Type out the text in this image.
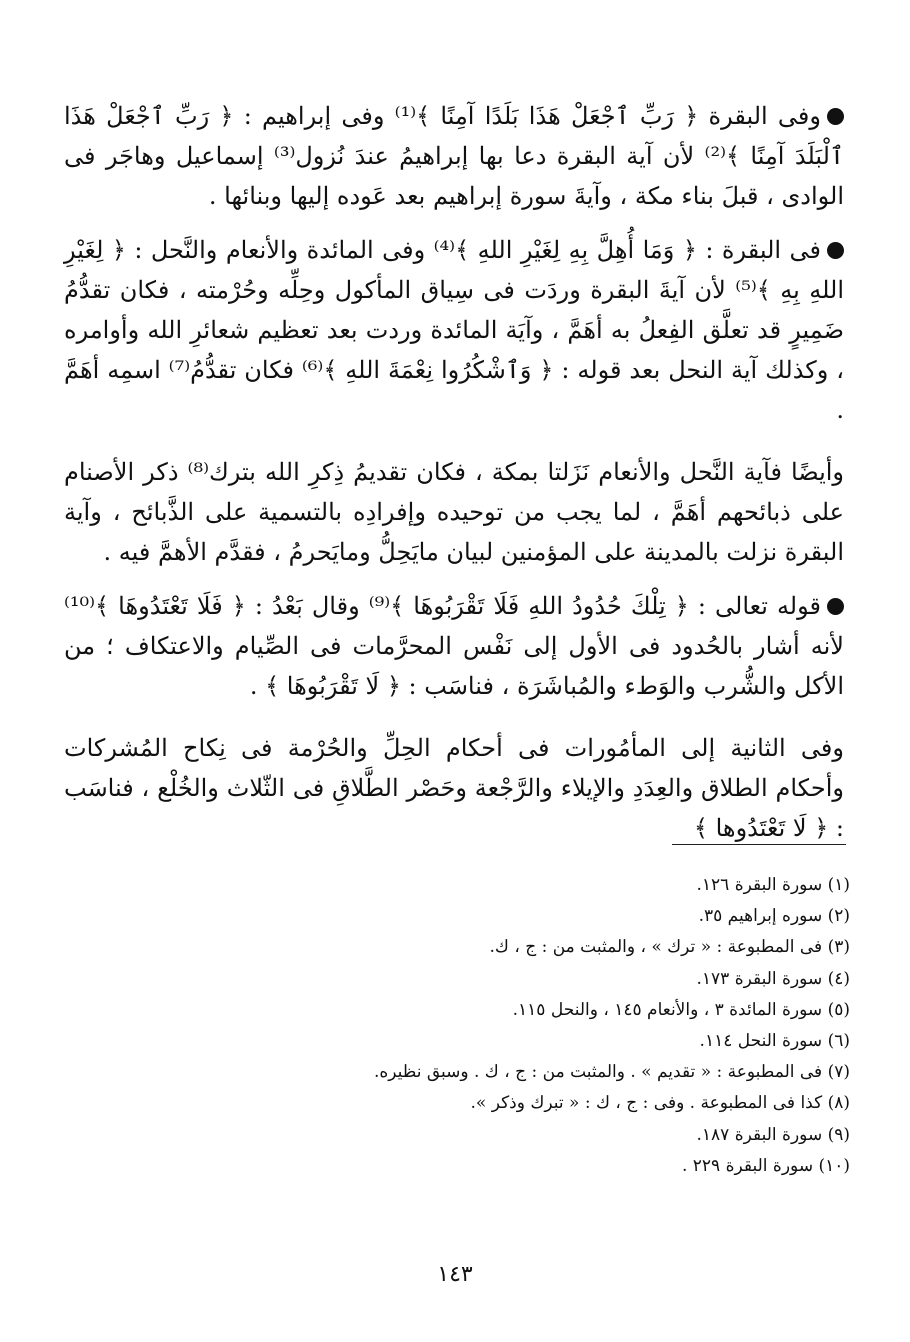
وفى البقرة ﴿ رَبِّ ٱجْعَلْ هَذَا بَلَدًا آمِنًا ﴾⁽¹⁾ وفى إبراهيم : ﴿ رَبِّ ٱجْعَلْ هَذَا ٱلْبَلَدَ آمِنًا ﴾⁽²⁾ لأن آية البقرة دعا بها إبراهيمُ عندَ نُزول⁽³⁾ إسماعيل وهاجَر فى الوادى ، قبلَ بناء مكة ، وآيةَ سورة إبراهيم بعد عَوده إليها وبنائها .

فى البقرة : ﴿ وَمَا أُهِلَّ بِهِ لِغَيْرِ اللهِ ﴾⁽⁴⁾ وفى المائدة والأنعام والنَّحل : ﴿ لِغَيْرِ اللهِ بِهِ ﴾⁽⁵⁾ لأن آيةَ البقرة وردَت فى سِياق المأكول وحِلِّه وحُرْمته ، فكان تقدُّمُ ضَمِيرٍ قد تعلَّق الفِعلُ به أهَمَّ ، وآيَة المائدة وردت بعد تعظيم شعائرِ الله وأوامره ، وكذلك آية النحل بعد قوله : ﴿ وَٱشْكُرُوا نِعْمَةَ اللهِ ﴾⁽⁶⁾ فكان تقدُّمُ⁽⁷⁾ اسمِه أهَمَّ .

وأيضًا فآية النَّحل والأنعام نَزَلتا بمكة ، فكان تقديمُ ذِكرِ الله بترك⁽⁸⁾ ذكر الأصنام على ذبائحهم أهَمَّ ، لما يجب من توحيده وإفرادِه بالتسمية على الذَّبائح ، وآية البقرة نزلت بالمدينة على المؤمنين لبيان مايَحِلُّ ومايَحرمُ ، فقدَّم الأهمَّ فيه .

قوله تعالى : ﴿ تِلْكَ حُدُودُ اللهِ فَلَا تَقْرَبُوهَا ﴾⁽⁹⁾ وقال بَعْدُ : ﴿ فَلَا تَعْتَدُوهَا ﴾⁽¹⁰⁾ لأنه أشار بالحُدود فى الأول إلى نَفْس المحرَّمات فى الصِّيام والاعتكاف ؛ من الأكل والشُّرب والوَطء والمُباشَرَة ، فناسَب : ﴿ لَا تَقْرَبُوهَا ﴾ .

وفى الثانية إلى المأمُورات فى أحكام الحِلِّ والحُرْمة فى نِكاح المُشركات وأحكام الطلاق والعِدَدِ والإيلاء والرَّجْعة وحَصْر الطَّلاقِ فى الثّلاث والخُلْع ، فناسَب : ﴿ لَا تَعْتَدُوها ﴾

(١) سورة البقرة ١٢٦.
(٢) سوره إبراهيم ٣٥.
(٣) فى المطبوعة : « ترك » ، والمثبت من : ج ، ك.
(٤) سورة البقرة ١٧٣.
(٥) سورة المائدة ٣ ، والأنعام ١٤٥ ، والنحل ١١٥.
(٦) سورة النحل ١١٤.
(٧) فى المطبوعة : « تقديم » . والمثبت من : ج ، ك . وسبق نظيره.
(٨) كذا فى المطبوعة . وفى : ج ، ك : « تبرك وذكر ».
(٩) سورة البقرة ١٨٧.
(١٠) سورة البقرة ٢٢٩ .
١٤٣
